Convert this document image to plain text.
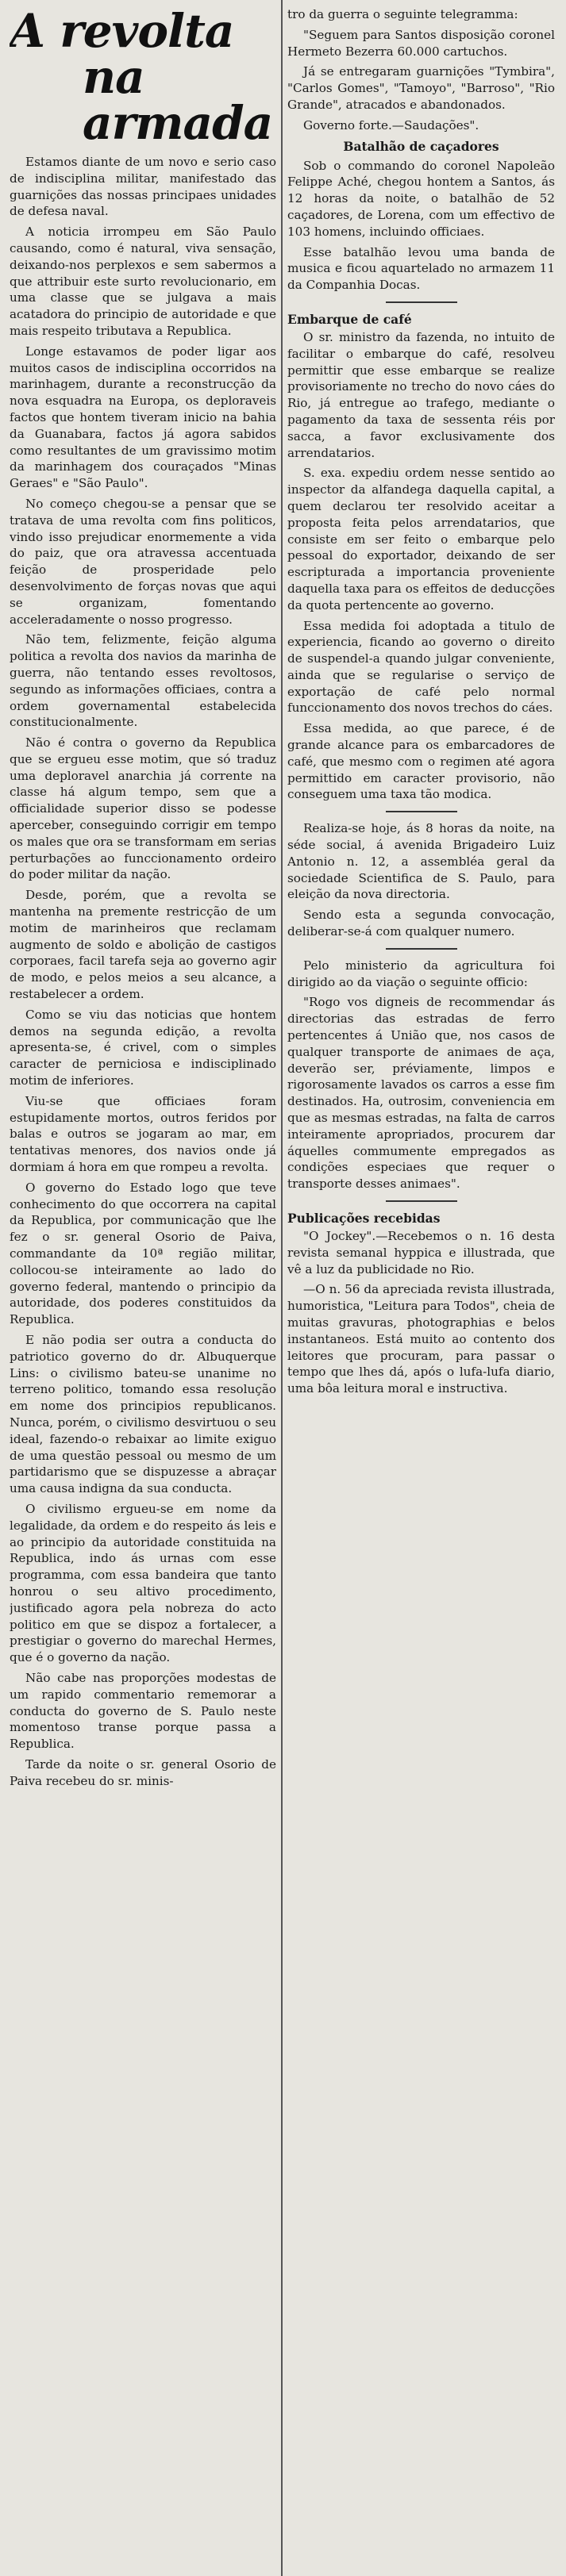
A revolta
na armada

Estamos diante de um novo e serio caso de indisciplina militar, manifestado das guarnições das nossas principaes unidades de defesa naval.

A noticia irrompeu em São Paulo causando, como é natural, viva sensação, deixando-nos perplexos e sem sabermos a que attribuir este surto revolucionario, em uma classe que se julgava a mais acatadora do principio de autoridade e que mais respeito tributava a Republica.

Longe estavamos de poder ligar aos muitos casos de indisciplina occorridos na marinhagem, durante a reconstrucção da nova esquadra na Europa, os deploraveis factos que hontem tiveram inicio na bahia da Guanabara, factos já agora sabidos como resultantes de um gravissimo motim da marinhagem dos couraçados "Minas Geraes" e "São Paulo".

No começo chegou-se a pensar que se tratava de uma revolta com fins politicos, vindo isso prejudicar enormemente a vida do paiz, que ora atravessa accentuada feição de prosperidade pelo desenvolvimento de forças novas que aqui se organizam, fomentando acceleradamente o nosso progresso.

Não tem, felizmente, feição alguma politica a revolta dos navios da marinha de guerra, não tentando esses revoltosos, segundo as informações officiaes, contra a ordem governamental estabelecida constitucionalmente.

Não é contra o governo da Republica que se ergueu esse motim, que só traduz uma deploravel anarchia já corrente na classe há algum tempo, sem que a officialidade superior disso se podesse aperceber, conseguindo corrigir em tempo os males que ora se transformam em serias perturbações ao funccionamento ordeiro do poder militar da nação.

Desde, porém, que a revolta se mantenha na premente restricção de um motim de marinheiros que reclamam augmento de soldo e abolição de castigos corporaes, facil tarefa seja ao governo agir de modo, e pelos meios a seu alcance, a restabelecer a ordem.

Como se viu das noticias que hontem demos na segunda edição, a revolta apresenta-se, é crivel, com o simples caracter de perniciosa e indisciplinado motim de inferiores.

Viu-se que officiaes foram estupidamente mortos, outros feridos por balas e outros se jogaram ao mar, em tentativas menores, dos navios onde já dormiam á hora em que rompeu a revolta.

O governo do Estado logo que teve conhecimento do que occorrera na capital da Republica, por communicação que lhe fez o sr. general Osorio de Paiva, commandante da 10ª região militar, collocou-se inteiramente ao lado do governo federal, mantendo o principio da autoridade, dos poderes constituidos da Republica.

E não podia ser outra a conducta do patriotico governo do dr. Albuquerque Lins: o civilismo bateu-se unanime no terreno politico, tomando essa resolução em nome dos principios republicanos. Nunca, porém, o civilismo desvirtuou o seu ideal, fazendo-o rebaixar ao limite exiguo de uma questão pessoal ou mesmo de um partidarismo que se dispuzesse a abraçar uma causa indigna da sua conducta.

O civilismo ergueu-se em nome da legalidade, da ordem e do respeito ás leis e ao principio da autoridade constituida na Republica, indo ás urnas com esse programma, com essa bandeira que tanto honrou o seu altivo procedimento, justificado agora pela nobreza do acto politico em que se dispoz a fortalecer, a prestigiar o governo do marechal Hermes, que é o governo da nação.

Não cabe nas proporções modestas de um rapido commentario rememorar a conducta do governo de S. Paulo neste momentoso transe porque passa a Republica.

Tarde da noite o sr. general Osorio de Paiva recebeu do sr. minis-

tro da guerra o seguinte telegramma:

"Seguem para Santos disposição coronel Hermeto Bezerra 60.000 cartuchos.

Já se entregaram guarnições "Tymbira", "Carlos Gomes", "Tamoyo", "Barroso", "Rio Grande", atracados e abandonados.

Governo forte.—Saudações".

Batalhão de caçadores

Sob o commando do coronel Napoleão Felippe Aché, chegou hontem a Santos, ás 12 horas da noite, o batalhão de 52 caçadores, de Lorena, com um effectivo de 103 homens, incluindo officiaes.

Esse batalhão levou uma banda de musica e ficou aquartelado no armazem 11 da Companhia Docas.

Embarque de café

O sr. ministro da fazenda, no intuito de facilitar o embarque do café, resolveu permittir que esse embarque se realize provisoriamente no trecho do novo cáes do Rio, já entregue ao trafego, mediante o pagamento da taxa de sessenta réis por sacca, a favor exclusivamente dos arrendatarios.

S. exa. expediu ordem nesse sentido ao inspector da alfandega daquella capital, a quem declarou ter resolvido aceitar a proposta feita pelos arrendatarios, que consiste em ser feito o embarque pelo pessoal do exportador, deixando de ser escripturada a importancia proveniente daquella taxa para os effeitos de deducções da quota pertencente ao governo.

Essa medida foi adoptada a titulo de experiencia, ficando ao governo o direito de suspendel-a quando julgar conveniente, ainda que se regularise o serviço de exportação de café pelo normal funccionamento dos novos trechos do cáes.

Essa medida, ao que parece, é de grande alcance para os embarcadores de café, que mesmo com o regimen até agora permittido em caracter provisorio, não conseguem uma taxa tão modica.

Realiza-se hoje, ás 8 horas da noite, na séde social, á avenida Brigadeiro Luiz Antonio n. 12, a assembléa geral da sociedade Scientifica de S. Paulo, para eleição da nova directoria.

Sendo esta a segunda convocação, deliberar-se-á com qualquer numero.

Pelo ministerio da agricultura foi dirigido ao da viação o seguinte officio:

"Rogo vos digneis de recommendar ás directorias das estradas de ferro pertencentes á União que, nos casos de qualquer transporte de animaes de aça, deverão ser, préviamente, limpos e rigorosamente lavados os carros a esse fim destinados. Ha, outrosim, conveniencia em que as mesmas estradas, na falta de carros inteiramente apropriados, procurem dar áquelles commumente empregados as condições especiaes que requer o transporte desses animaes".

Publicações recebidas

"O Jockey".—Recebemos o n. 16 desta revista semanal hyppica e illustrada, que vê a luz da publicidade no Rio.

—O n. 56 da apreciada revista illustrada, humoristica, "Leitura para Todos", cheia de muitas gravuras, photographias e belos instantaneos. Está muito ao contento dos leitores que procuram, para passar o tempo que lhes dá, após o lufa-lufa diario, uma bôa leitura moral e instructiva.
